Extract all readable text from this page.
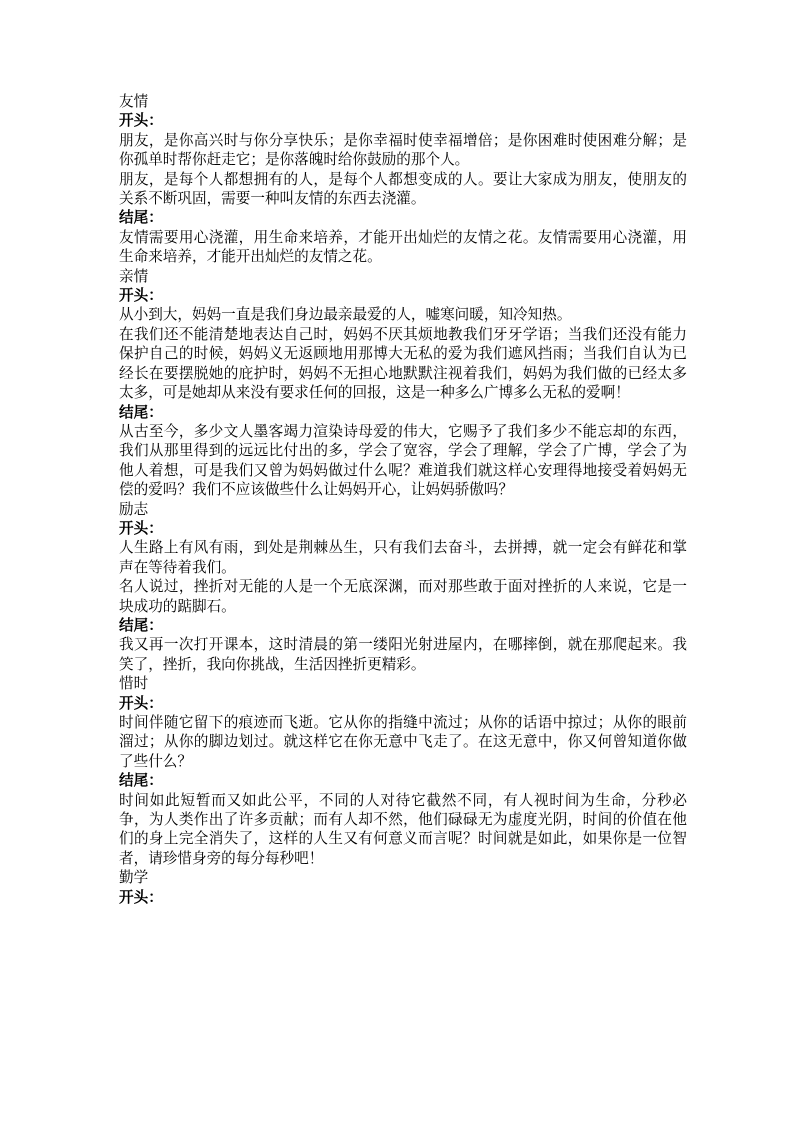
友情
开头：
朋友，是你高兴时与你分享快乐；是你幸福时使幸福增倍；是你困难时使困难分解；是你孤单时帮你赶走它；是你落魄时给你鼓励的那个人。
朋友，是每个人都想拥有的人，是每个人都想变成的人。要让大家成为朋友，使朋友的关系不断巩固，需要一种叫友情的东西去浇灌。
结尾：
友情需要用心浇灌，用生命来培养，才能开出灿烂的友情之花。友情需要用心浇灌，用生命来培养，才能开出灿烂的友情之花。
亲情
开头：
从小到大，妈妈一直是我们身边最亲最爱的人，嘘寒问暖，知冷知热。
在我们还不能清楚地表达自己时，妈妈不厌其烦地教我们牙牙学语；当我们还没有能力保护自己的时候，妈妈义无返顾地用那博大无私的爱为我们遮风挡雨；当我们自认为已经长在要摆脱她的庇护时，妈妈不无担心地默默注视着我们，妈妈为我们做的已经太多太多，可是她却从来没有要求任何的回报，这是一种多么广博多么无私的爱啊！
结尾：
从古至今，多少文人墨客竭力渲染诗母爱的伟大，它赐予了我们多少不能忘却的东西，我们从那里得到的远远比付出的多，学会了宽容，学会了理解，学会了广博，学会了为他人着想，可是我们又曾为妈妈做过什么呢？难道我们就这样心安理得地接受着妈妈无偿的爱吗？我们不应该做些什么让妈妈开心，让妈妈骄傲吗？
励志
开头：
人生路上有风有雨，到处是荆棘丛生，只有我们去奋斗，去拼搏，就一定会有鲜花和掌声在等待着我们。
名人说过，挫折对无能的人是一个无底深渊，而对那些敢于面对挫折的人来说，它是一块成功的踮脚石。
结尾：
我又再一次打开课本，这时清晨的第一缕阳光射进屋内，在哪摔倒，就在那爬起来。我笑了，挫折，我向你挑战，生活因挫折更精彩。
惜时
开头：
时间伴随它留下的痕迹而飞逝。它从你的指缝中流过；从你的话语中掠过；从你的眼前溜过；从你的脚边划过。就这样它在你无意中飞走了。在这无意中，你又何曾知道你做了些什么？
结尾：
时间如此短暂而又如此公平，不同的人对待它截然不同，有人视时间为生命，分秒必争，为人类作出了许多贡献；而有人却不然，他们碌碌无为虚度光阴，时间的价值在他们的身上完全消失了，这样的人生又有何意义而言呢？时间就是如此，如果你是一位智者，请珍惜身旁的每分每秒吧！
勤学
开头：
